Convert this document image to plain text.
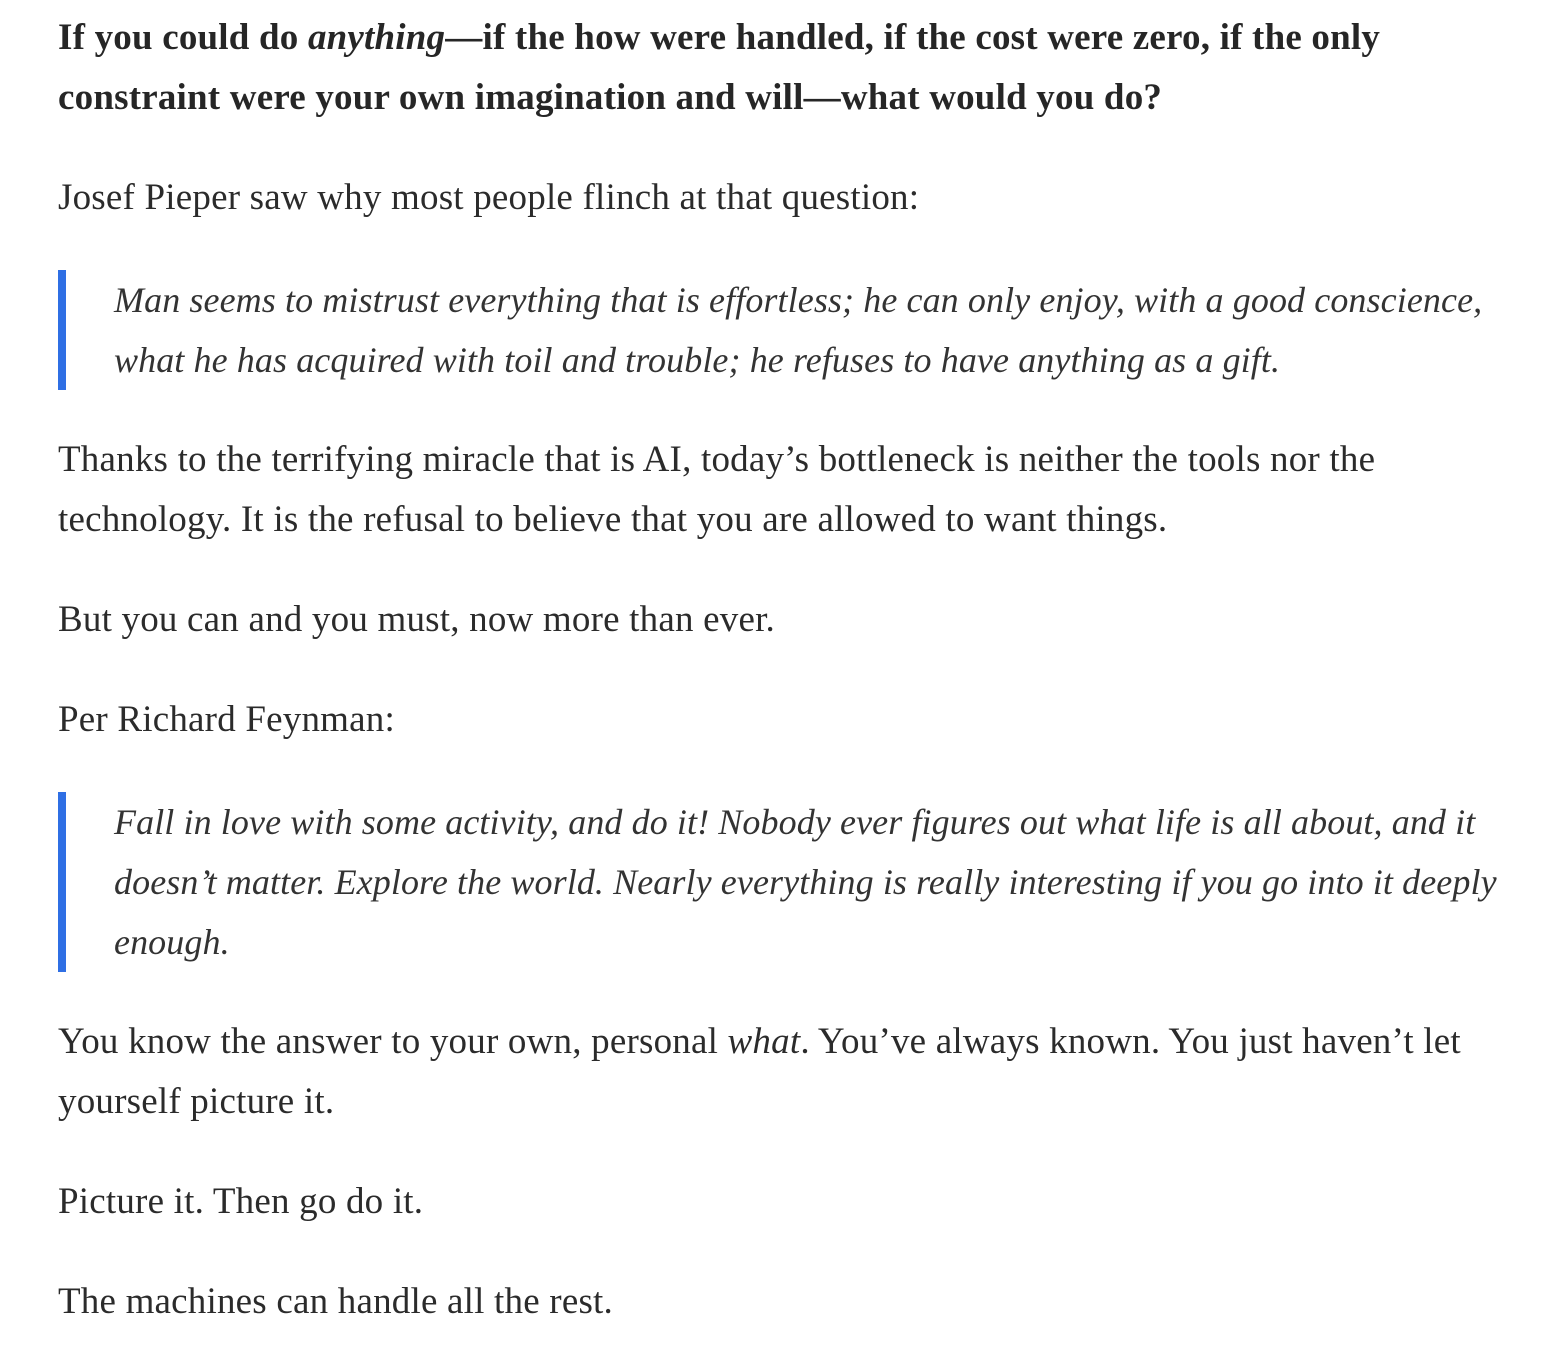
If you could do anything—if the how were handled, if the cost were zero, if the only constraint were your own imagination and will—what would you do?

Josef Pieper saw why most people flinch at that question:

Man seems to mistrust everything that is effortless; he can only enjoy, with a good conscience, what he has acquired with toil and trouble; he refuses to have anything as a gift.

Thanks to the terrifying miracle that is AI, today’s bottleneck is neither the tools nor the technology. It is the refusal to believe that you are allowed to want things.

But you can and you must, now more than ever.

Per Richard Feynman:

Fall in love with some activity, and do it! Nobody ever figures out what life is all about, and it doesn’t matter. Explore the world. Nearly everything is really interesting if you go into it deeply enough.

You know the answer to your own, personal what. You’ve always known. You just haven’t let yourself picture it.

Picture it. Then go do it.

The machines can handle all the rest.
